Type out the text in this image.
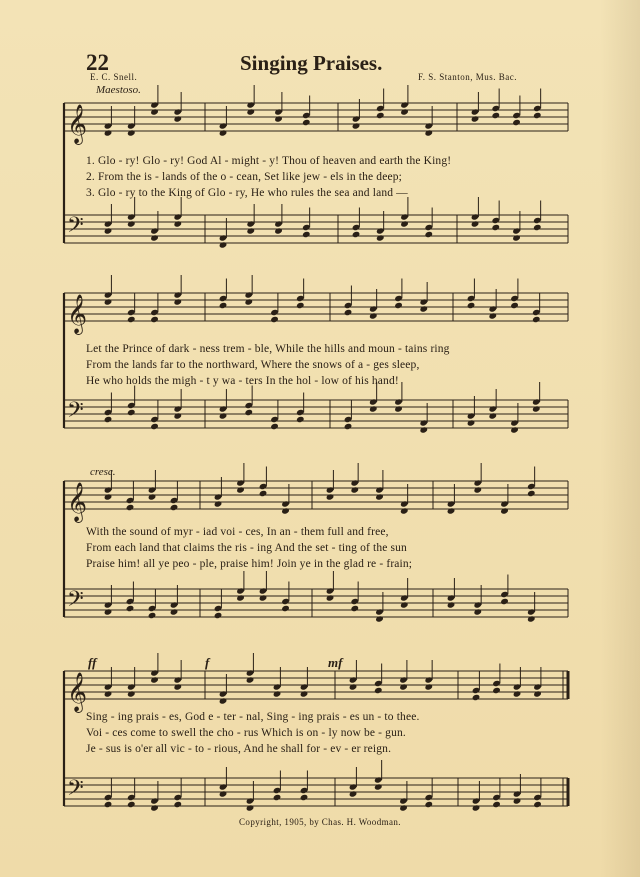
22	Singing Praises.
E. C. Snell.	F. S. Stanton, Mus. Bac.
Maestoso.
𝄞
𝄢
𝄞
𝄢
𝄞
𝄢
𝄞
𝄢
1. Glo - ry! Glo - ry! God Al - might - y! Thou of heaven and earth the King!
2. From the is - lands of the o - cean, Set like jew - els in the deep;
3. Glo - ry to the King of Glo - ry, He who rules the sea and land —
Let the Prince of dark - ness trem - ble, While the hills and moun - tains ring
From the lands far to the northward, Where the snows of a - ges sleep,
He who holds the migh - t y wa - ters In the hol - low of his hand!
cresc.
With the sound of myr - iad voi - ces, In an - them full and free,
From each land that claims the ris - ing And the set - ting of the sun
Praise him! all ye peo - ple, praise him! Join ye in the glad re - frain;
ff	f	mf
Sing - ing prais - es, God e - ter - nal, Sing - ing prais - es un - to thee.
Voi - ces come to swell the cho - rus Which is on - ly now be - gun.
Je - sus is o'er all vic - to - rious, And he shall for - ev - er reign.
Copyright, 1905, by Chas. H. Woodman.
